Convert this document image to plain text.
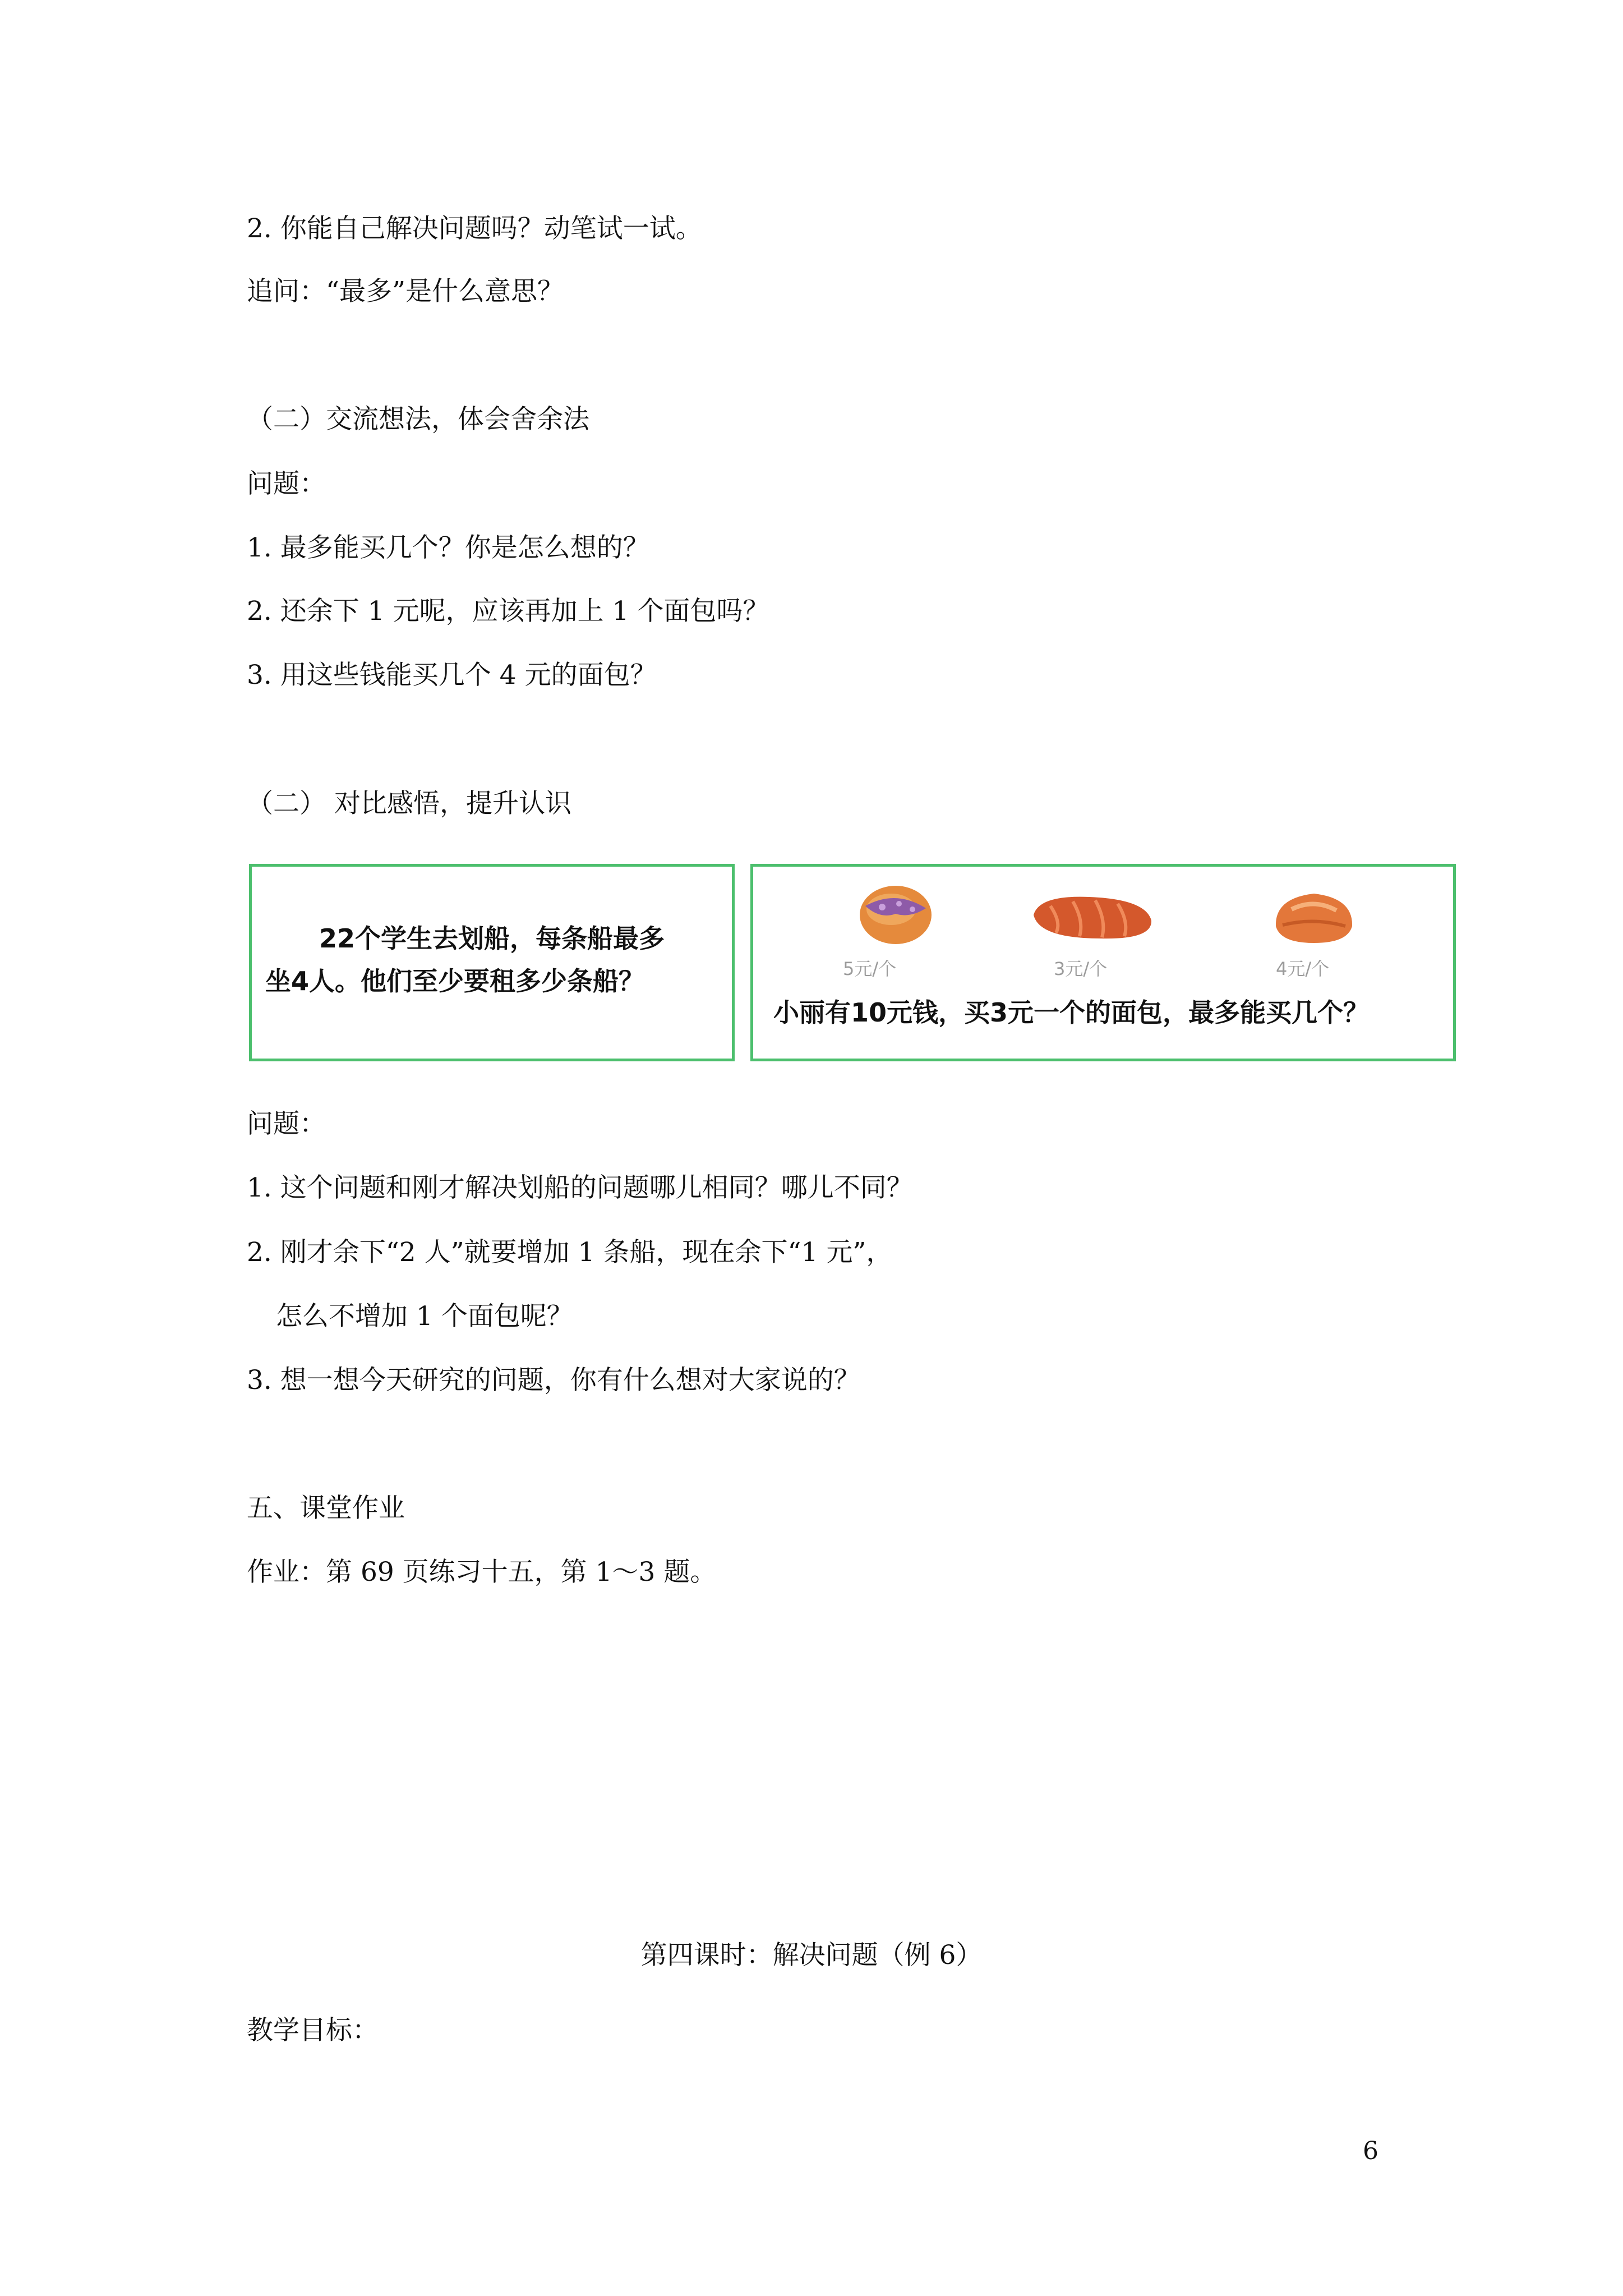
2. 你能自己解决问题吗？动笔试一试。
追问：“最多”是什么意思？
（二）交流想法，体会舍余法
问题：
1. 最多能买几个？你是怎么想的？
2. 还余下 1 元呢，应该再加上 1 个面包吗？
3. 用这些钱能买几个 4 元的面包？
（二） 对比感悟，提升认识
22个学生去划船，每条船最多
坐4人。他们至少要租多少条船？	5元/个	3元/个	4元/个
小丽有10元钱，买3元一个的面包，最多能买几个？
问题：
1. 这个问题和刚才解决划船的问题哪儿相同？哪儿不同？
2. 刚才余下“2 人”就要增加 1 条船，现在余下“1 元”，
怎么不增加 1 个面包呢？
3. 想一想今天研究的问题，你有什么想对大家说的？
五、课堂作业
作业：第 69 页练习十五，第 1～3 题。
第四课时：解决问题（例 6）
教学目标：
6
